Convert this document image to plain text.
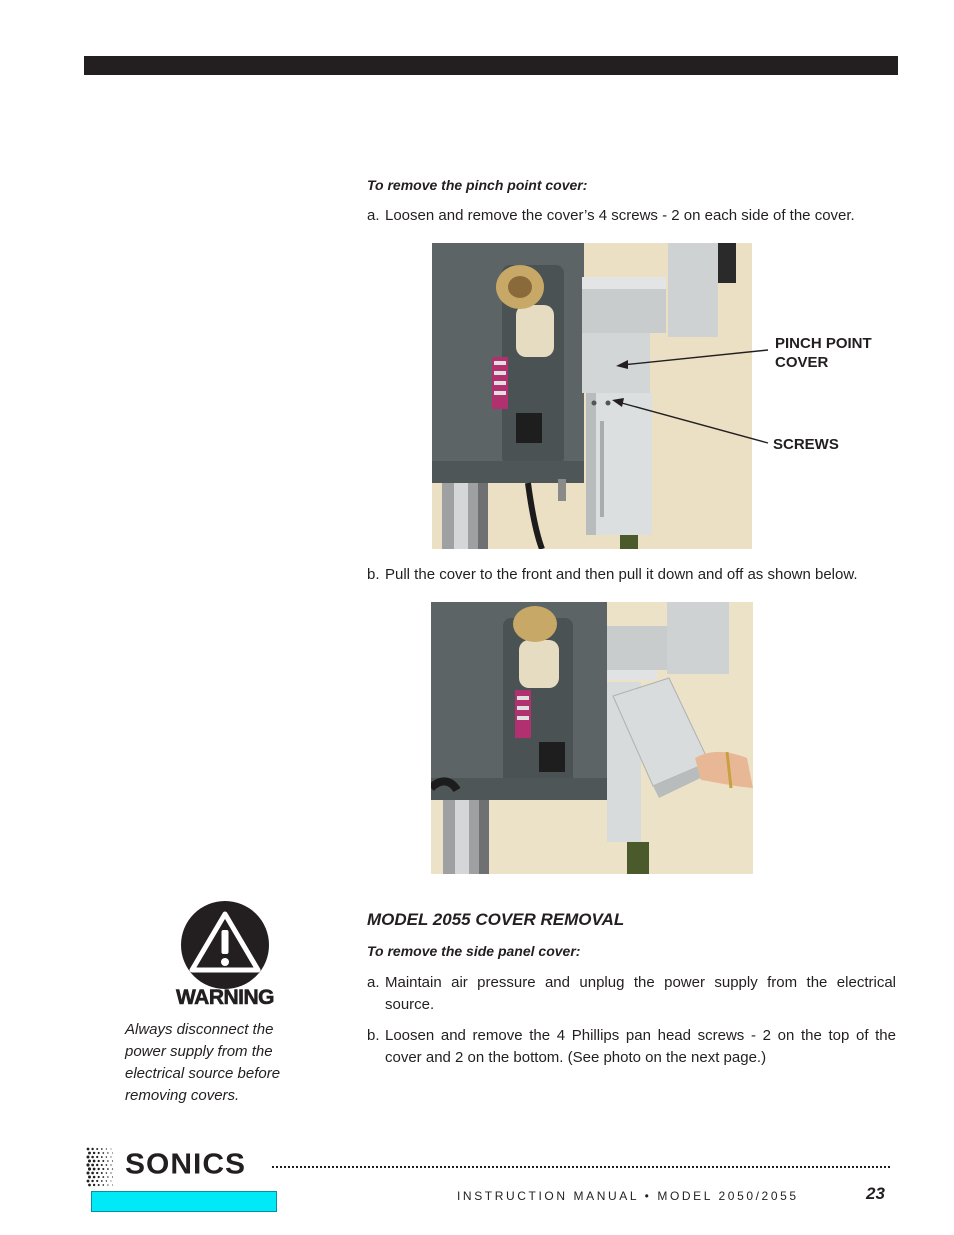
To remove the pinch point cover:
a. Loosen and remove the cover’s 4 screws - 2 on each side of the cover.
PINCH POINT
COVER
SCREWS
b. Pull the cover to the front and then pull it down and off as shown below.
MODEL 2055 COVER REMOVAL
To remove the side panel cover:
a. Maintain air pressure and unplug the power supply from the electrical source.
b. Loosen and remove the 4 Phillips pan head screws - 2 on the top of the cover and 2 on the bottom. (See photo on the next page.)
WARNING
Always disconnect the power supply from the electrical source before removing covers.
SONICS
INSTRUCTION MANUAL • MODEL 2050/2055	23
